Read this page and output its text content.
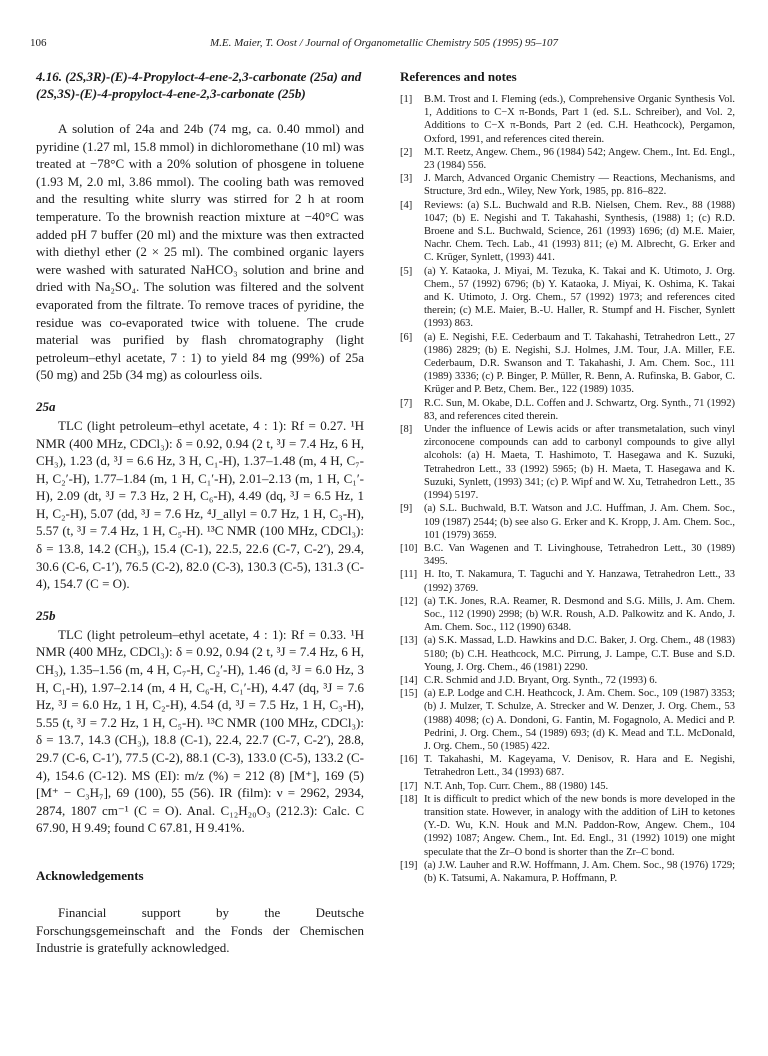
106	M.E. Maier, T. Oost / Journal of Organometallic Chemistry 505 (1995) 95–107

4.16. (2S,3R)-(E)-4-Propyloct-4-ene-2,3-carbonate (25a) and (2S,3S)-(E)-4-propyloct-4-ene-2,3-carbonate (25b)

A solution of 24a and 24b (74 mg, ca. 0.40 mmol) and pyridine (1.27 ml, 15.8 mmol) in dichloromethane (10 ml) was treated at −78°C with a 20% solution of phosgene in toluene (1.93 M, 2.0 ml, 3.86 mmol). The cooling bath was removed and the resulting white slurry was stirred for 2 h at room temperature. To the brownish reaction mixture at −40°C was added pH 7 buffer (20 ml) and the mixture was then extracted with diethyl ether (2 × 25 ml). The combined organic layers were washed with saturated NaHCO₃ solution and brine and dried with Na₂SO₄. The solution was filtered and the solvent evaporated from the filtrate. To remove traces of pyridine, the residue was co-evaporated twice with toluene. The crude material was purified by flash chromatography (light petroleum–ethyl acetate, 7 : 1) to yield 84 mg (99%) of 25a (50 mg) and 25b (34 mg) as colourless oils.

25a

TLC (light petroleum–ethyl acetate, 4 : 1): Rf = 0.27. ¹H NMR (400 MHz, CDCl₃): δ = 0.92, 0.94 (2 t, ³J = 7.4 Hz, 6 H, CH₃), 1.23 (d, ³J = 6.6 Hz, 3 H, C₁-H), 1.37–1.48 (m, 4 H, C₇-H, C₂′-H), 1.77–1.84 (m, 1 H, C₁′-H), 2.01–2.13 (m, 1 H, C₁′-H), 2.09 (dt, ³J = 7.3 Hz, 2 H, C₆-H), 4.49 (dq, ³J = 6.5 Hz, 1 H, C₂-H), 5.07 (dd, ³J = 7.6 Hz, ⁴J_allyl = 0.7 Hz, 1 H, C₃-H), 5.57 (t, ³J = 7.4 Hz, 1 H, C₅-H). ¹³C NMR (100 MHz, CDCl₃): δ = 13.8, 14.2 (CH₃), 15.4 (C-1), 22.5, 22.6 (C-7, C-2′), 29.4, 30.6 (C-6, C-1′), 76.5 (C-2), 82.0 (C-3), 130.3 (C-5), 131.3 (C-4), 154.7 (C = O).

25b

TLC (light petroleum–ethyl acetate, 4 : 1): Rf = 0.33. ¹H NMR (400 MHz, CDCl₃): δ = 0.92, 0.94 (2 t, ³J = 7.4 Hz, 6 H, CH₃), 1.35–1.56 (m, 4 H, C₇-H, C₂′-H), 1.46 (d, ³J = 6.0 Hz, 3 H, C₁-H), 1.97–2.14 (m, 4 H, C₆-H, C₁′-H), 4.47 (dq, ³J = 7.6 Hz, ³J = 6.0 Hz, 1 H, C₂-H), 4.54 (d, ³J = 7.5 Hz, 1 H, C₃-H), 5.55 (t, ³J = 7.2 Hz, 1 H, C₅-H). ¹³C NMR (100 MHz, CDCl₃): δ = 13.7, 14.3 (CH₃), 18.8 (C-1), 22.4, 22.7 (C-7, C-2′), 28.8, 29.7 (C-6, C-1′), 77.5 (C-2), 88.1 (C-3), 133.0 (C-5), 133.2 (C-4), 154.6 (C-12). MS (EI): m/z (%) = 212 (8) [M⁺], 169 (5) [M⁺ − C₃H₇], 69 (100), 55 (56). IR (film): ν = 2962, 2934, 2874, 1807 cm⁻¹ (C = O). Anal. C₁₂H₂₀O₃ (212.3): Calc. C 67.90, H 9.49; found C 67.81, H 9.41%.

Acknowledgements

Financial support by the Deutsche Forschungsgemeinschaft and the Fonds der Chemischen Industrie is gratefully acknowledged.

References and notes

[1] B.M. Trost and I. Fleming (eds.), Comprehensive Organic Synthesis Vol. 1, Additions to C−X π-Bonds, Part 1 (ed. S.L. Schreiber), and Vol. 2, Additions to C−X π-Bonds, Part 2 (ed. C.H. Heathcock), Pergamon, Oxford, 1991, and references cited therein.
[2] M.T. Reetz, Angew. Chem., 96 (1984) 542; Angew. Chem., Int. Ed. Engl., 23 (1984) 556.
[3] J. March, Advanced Organic Chemistry — Reactions, Mechanisms, and Structure, 3rd edn., Wiley, New York, 1985, pp. 816–822.
[4] Reviews: (a) S.L. Buchwald and R.B. Nielsen, Chem. Rev., 88 (1988) 1047; (b) E. Negishi and T. Takahashi, Synthesis, (1988) 1; (c) R.D. Broene and S.L. Buchwald, Science, 261 (1993) 1696; (d) M.E. Maier, Nachr. Chem. Tech. Lab., 41 (1993) 811; (e) M. Albrecht, G. Erker and C. Krüger, Synlett, (1993) 441.
[5] (a) Y. Kataoka, J. Miyai, M. Tezuka, K. Takai and K. Utimoto, J. Org. Chem., 57 (1992) 6796; (b) Y. Kataoka, J. Miyai, K. Oshima, K. Takai and K. Utimoto, J. Org. Chem., 57 (1992) 1973; and references cited therein; (c) M.E. Maier, B.-U. Haller, R. Stumpf and H. Fischer, Synlett (1993) 863.
[6] (a) E. Negishi, F.E. Cederbaum and T. Takahashi, Tetrahedron Lett., 27 (1986) 2829; (b) E. Negishi, S.J. Holmes, J.M. Tour, J.A. Miller, F.E. Cederbaum, D.R. Swanson and T. Takahashi, J. Am. Chem. Soc., 111 (1989) 3336; (c) P. Binger, P. Müller, R. Benn, A. Rufinska, B. Gabor, C. Krüger and P. Betz, Chem. Ber., 122 (1989) 1035.
[7] R.C. Sun, M. Okabe, D.L. Coffen and J. Schwartz, Org. Synth., 71 (1992) 83, and references cited therein.
[8] Under the influence of Lewis acids or after transmetalation, such vinyl zirconocene compounds can add to carbonyl compounds to give allyl alcohols: (a) H. Maeta, T. Hashimoto, T. Hasegawa and K. Suzuki, Tetrahedron Lett., 33 (1992) 5965; (b) H. Maeta, T. Hasegawa and K. Suzuki, Synlett, (1993) 341; (c) P. Wipf and W. Xu, Tetrahedron Lett., 35 (1994) 5197.
[9] (a) S.L. Buchwald, B.T. Watson and J.C. Huffman, J. Am. Chem. Soc., 109 (1987) 2544; (b) see also G. Erker and K. Kropp, J. Am. Chem. Soc., 101 (1979) 3659.
[10] B.C. Van Wagenen and T. Livinghouse, Tetrahedron Lett., 30 (1989) 3495.
[11] H. Ito, T. Nakamura, T. Taguchi and Y. Hanzawa, Tetrahedron Lett., 33 (1992) 3769.
[12] (a) T.K. Jones, R.A. Reamer, R. Desmond and S.G. Mills, J. Am. Chem. Soc., 112 (1990) 2998; (b) W.R. Roush, A.D. Palkowitz and K. Ando, J. Am. Chem. Soc., 112 (1990) 6348.
[13] (a) S.K. Massad, L.D. Hawkins and D.C. Baker, J. Org. Chem., 48 (1983) 5180; (b) C.H. Heathcock, M.C. Pirrung, J. Lampe, C.T. Buse and S.D. Young, J. Org. Chem., 46 (1981) 2290.
[14] C.R. Schmid and J.D. Bryant, Org. Synth., 72 (1993) 6.
[15] (a) E.P. Lodge and C.H. Heathcock, J. Am. Chem. Soc., 109 (1987) 3353; (b) J. Mulzer, T. Schulze, A. Strecker and W. Denzer, J. Org. Chem., 53 (1988) 4098; (c) A. Dondoni, G. Fantin, M. Fogagnolo, A. Medici and P. Pedrini, J. Org. Chem., 54 (1989) 693; (d) K. Mead and T.L. McDonald, J. Org. Chem., 50 (1985) 422.
[16] T. Takahashi, M. Kageyama, V. Denisov, R. Hara and E. Negishi, Tetrahedron Lett., 34 (1993) 687.
[17] N.T. Anh, Top. Curr. Chem., 88 (1980) 145.
[18] It is difficult to predict which of the new bonds is more developed in the transition state. However, in analogy with the addition of LiH to ketones (Y.-D. Wu, K.N. Houk and M.N. Paddon-Row, Angew. Chem., 104 (1992) 1087; Angew. Chem., Int. Ed. Engl., 31 (1992) 1019) one might speculate that the Zr–O bond is shorter than the Zr–C bond.
[19] (a) J.W. Lauher and R.W. Hoffmann, J. Am. Chem. Soc., 98 (1976) 1729; (b) K. Tatsumi, A. Nakamura, P. Hoffmann, P.
